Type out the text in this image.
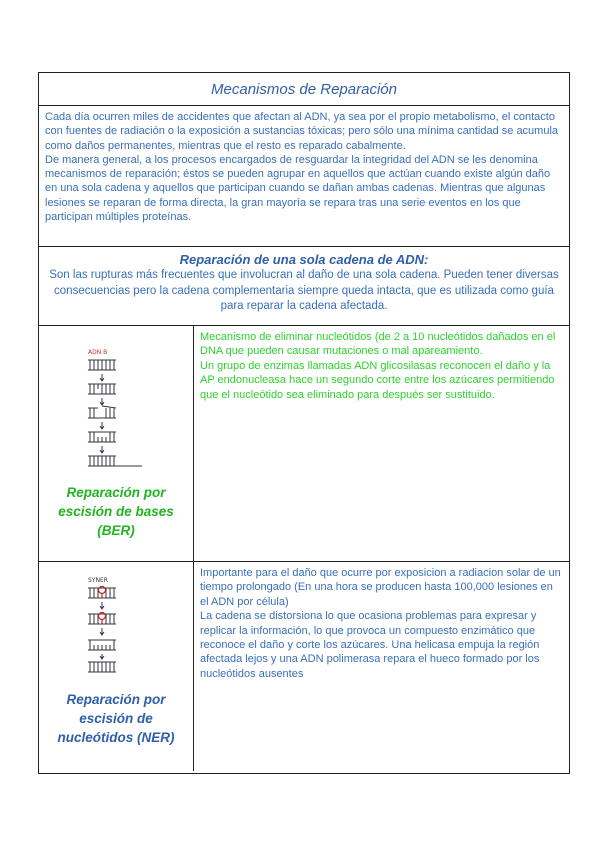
Mecanismos de Reparación

Cada día ocurren miles de accidentes que afectan al ADN, ya sea por el propio metabolismo, el contacto con fuentes de radiación o la exposición a sustancias tóxicas; pero sólo una mínima cantidad se acumula como daños permanentes, mientras que el resto es reparado cabalmente.

De manera general, a los procesos encargados de resguardar la integridad del ADN se les denomina mecanismos de reparación; éstos se pueden agrupar en aquellos que actúan cuando existe algún daño en una sola cadena y aquellos que participan cuando se dañan ambas cadenas. Mientras que algunas lesiones se reparan de forma directa, la gran mayoría se repara tras una serie eventos en los que participan múltiples proteínas.

Reparación de una sola cadena de ADN:
Son las rupturas más frecuentes que involucran al daño de una sola cadena. Pueden tener diversas consecuencias pero la cadena complementaria siempre queda intacta, que es utilizada como guía para reparar la cadena afectada.
ADN B
Reparación por escisión de bases (BER)

Mecanismo de eliminar nucleótidos (de 2 a 10 nucleótidos dañados en el DNA que pueden causar mutaciones o mal apareamiento.

Un grupo de enzimas llamadas ADN glicosilasas reconocen el daño y la AP endonucleasa hace un segundo corte entre los azúcares permitiendo que el nucleótido sea eliminado para después ser sustituido.

SYNER
Reparación por escisión de nucleótidos (NER)

Importante para el daño que ocurre por exposicion a radiacion solar de un tiempo prolongado (En una hora se producen hasta 100,000 lesiones en el ADN por célula)

La cadena se distorsiona lo que ocasiona problemas para expresar y replicar la información, lo que provoca un compuesto enzimático que reconoce el daño y corte los azúcares. Una helicasa empuja la región afectada lejos y una ADN polimerasa repara el hueco formado por los nucleótidos ausentes
